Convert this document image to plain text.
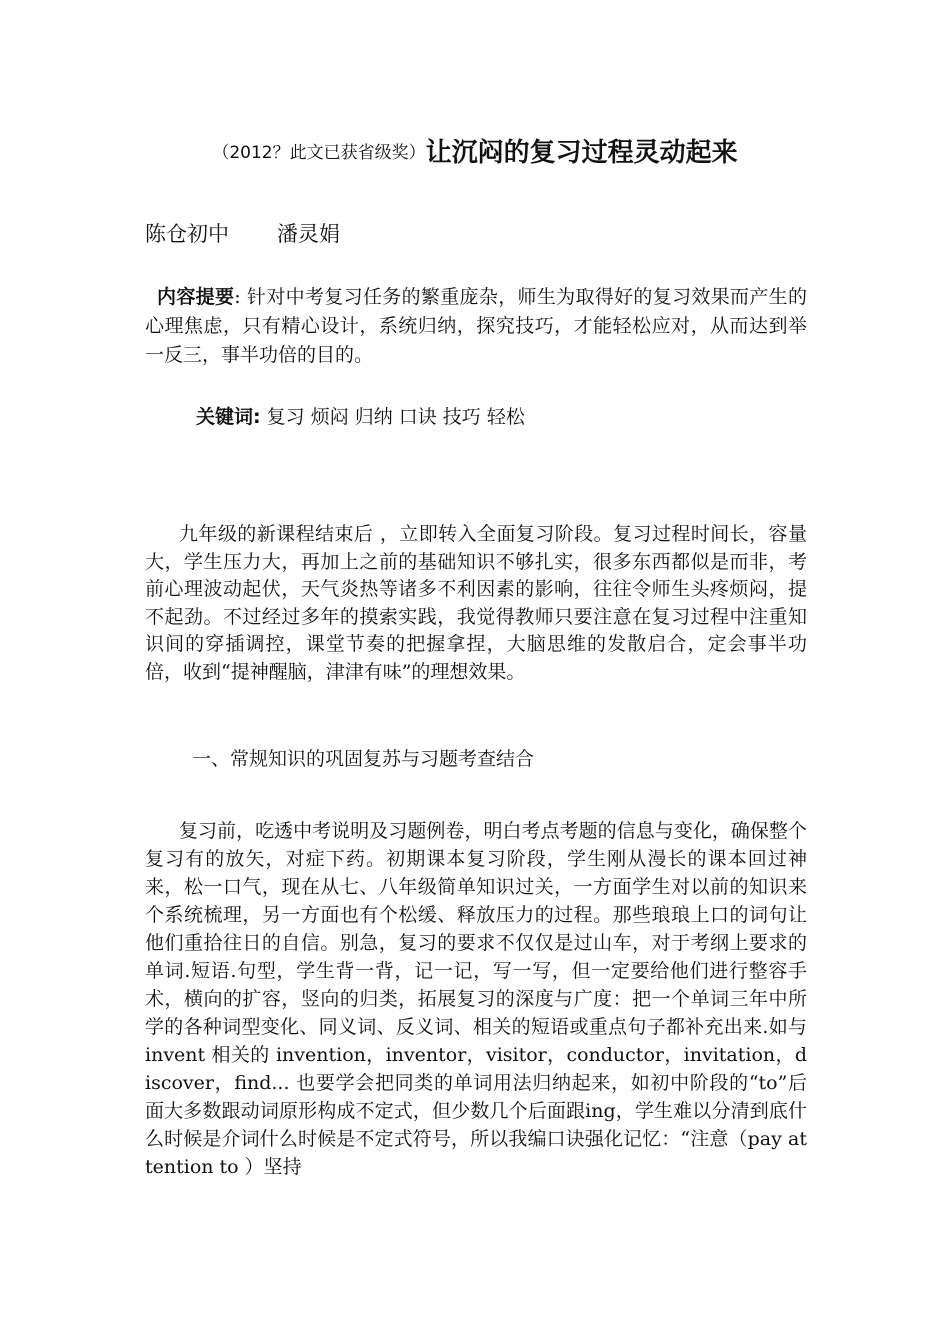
（2012？此文已获省级奖）让沉闷的复习过程灵动起来
陈仓初中 潘灵娟
内容提要: 针对中考复习任务的繁重庞杂，师生为取得好的复习效果而产生的心理焦虑，只有精心设计，系统归纳，探究技巧，才能轻松应对，从而达到举一反三，事半功倍的目的。
关键词: 复习 烦闷 归纳 口诀 技巧 轻松
九年级的新课程结束后 ，立即转入全面复习阶段。复习过程时间长，容量大，学生压力大，再加上之前的基础知识不够扎实，很多东西都似是而非，考前心理波动起伏，天气炎热等诸多不利因素的影响，往往令师生头疼烦闷，提不起劲。不过经过多年的摸索实践，我觉得教师只要注意在复习过程中注重知识间的穿插调控，课堂节奏的把握拿捏，大脑思维的发散启合，定会事半功倍，收到“提神醒脑，津津有味”的理想效果。
一、常规知识的巩固复苏与习题考查结合
复习前，吃透中考说明及习题例卷，明白考点考题的信息与变化，确保整个复习有的放矢，对症下药。初期课本复习阶段，学生刚从漫长的课本回过神来，松一口气，现在从七、八年级简单知识过关，一方面学生对以前的知识来个系统梳理，另一方面也有个松缓、释放压力的过程。那些琅琅上口的词句让他们重拾往日的自信。别急，复习的要求不仅仅是过山车，对于考纲上要求的单词.短语.句型，学生背一背，记一记，写一写，但一定要给他们进行整容手术，横向的扩容，竖向的归类，拓展复习的深度与广度：把一个单词三年中所学的各种词型变化、同义词、反义词、相关的短语或重点句子都补充出来.如与 invent 相关的 invention，inventor，visitor，conductor，invitation，discover，find... 也要学会把同类的单词用法归纳起来，如初中阶段的“to”后面大多数跟动词原形构成不定式，但少数几个后面跟ing，学生难以分清到底什么时候是介词什么时候是不定式符号，所以我编口诀强化记忆：“注意（pay attention to ）坚持
